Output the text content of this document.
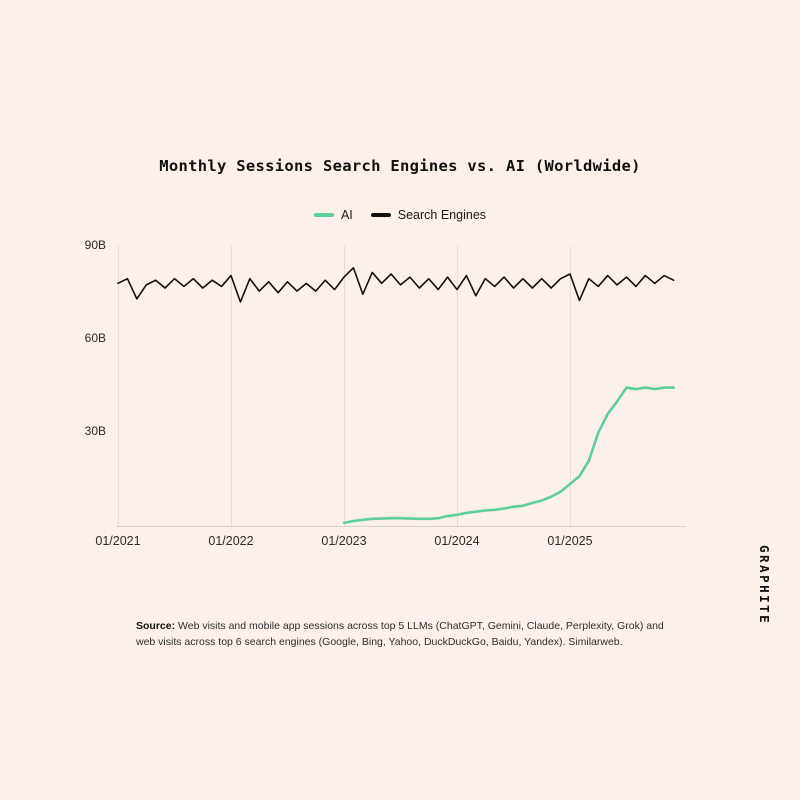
Monthly Sessions Search Engines vs. AI (Worldwide)
AI	Search Engines
90B
60B
30B
01/2021	01/2022	01/2023	01/2024	01/2025
Source: Web visits and mobile app sessions across top 5 LLMs (ChatGPT, Gemini, Claude, Perplexity, Grok) and web visits across top 6 search engines (Google, Bing, Yahoo, DuckDuckGo, Baidu, Yandex). Similarweb.
GRAPHITE
